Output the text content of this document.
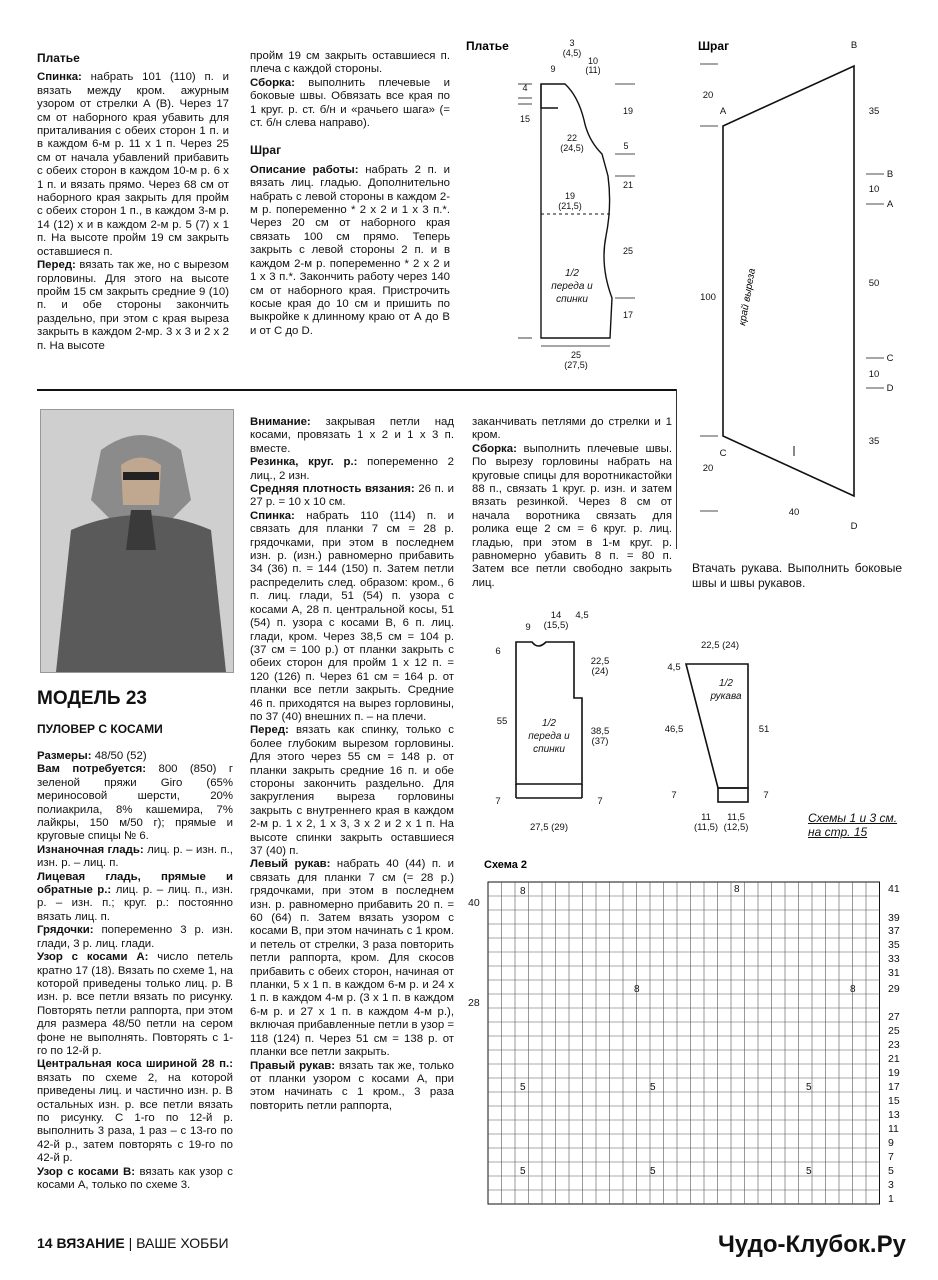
Платье

Спинка: набрать 101 (110) п. и вязать между кром. ажурным узором от стрелки А (В). Через 17 см от наборного края убавить для приталивания с обеих сторон 1 п. и в каждом 6-м р. 11 х 1 п. Через 25 см от начала убавлений прибавить с обеих сторон в каждом 10-м р. 6 х 1 п. и вязать прямо. Через 68 см от наборного края закрыть для пройм с обеих сторон 1 п., в каждом 3-м р. 14 (12) х и в каждом 2-м р. 5 (7) х 1 п. На высоте пройм 19 см закрыть оставшиеся п.

Перед: вязать так же, но с вырезом горловины. Для этого на высоте пройм 15 см закрыть средние 9 (10) п. и обе стороны закончить раздельно, при этом с края выреза закрыть в каждом 2-мр. 3 х 3 и 2 х 2 п. На высоте

пройм 19 см закрыть оставшиеся п. плеча с каждой стороны.

Сборка: выполнить плечевые и боковые швы. Обвязать все края по 1 круг. р. ст. б/н и «рачьего шага» (= ст. б/н слева направо).

Шраг

Описание работы: набрать 2 п. и вязать лиц. гладью. Дополнительно набрать с левой стороны в каждом 2-м р. попеременно * 2 х 2 и 1 х 3 п.*. Через 20 см от наборного края связать 100 см прямо. Теперь закрыть с левой стороны 2 п. и в каждом 2-м р. попеременно * 2 х 2 и 1 х 3 п.*. Закончить работу через 140 см от наборного края. Пристрочить косые края до 10 см и пришить по выкройке к длинному краю от А до В и от С до D.

Платье	3
(4,5)
9
10
(11)
4
15
19
5
21
22
(24,5)
19
(21,5)
25
17
25
(27,5)
1/2
переда и
спинки
Шраг
20
35
10
100
50
10
35
20
40
A
B
B
A
C
D
C
D
край выреза
МОДЕЛЬ 23
ПУЛОВЕР С КОСАМИ

Размеры: 48/50 (52)

Вам потребуется: 800 (850) г зеленой пряжи Giro (65% мериносовой шерсти, 20% полиакрила, 8% кашемира, 7% лайкры, 150 м/50 г); прямые и круговые спицы № 6.

Изнаночная гладь: лиц. р. – изн. п., изн. р. – лиц. п.

Лицевая гладь, прямые и обратные р.: лиц. р. – лиц. п., изн. р. – изн. п.; круг. р.: постоянно вязать лиц. п.

Грядочки: попеременно 3 р. изн. глади, 3 р. лиц. глади.

Узор с косами А: число петель кратно 17 (18). Вязать по схеме 1, на которой приведены только лиц. р. В изн. р. все петли вязать по рисунку. Повторять петли раппорта, при этом для размера 48/50 петли на сером фоне не выполнять. Повторять с 1-го по 12-й р.

Центральная коса шириной 28 п.: вязать по схеме 2, на которой приведены лиц. и частично изн. р. В остальных изн. р. все петли вязать по рисунку. С 1-го по 12-й р. выполнить 3 раза, 1 раз – с 13-го по 42-й р., затем повторять с 19-го по 42-й р.

Узор с косами В: вязать как узор с косами А, только по схеме 3.

Внимание: закрывая петли над косами, провязать 1 х 2 и 1 х 3 п. вместе.

Резинка, круг. р.: попеременно 2 лиц., 2 изн.

Средняя плотность вязания: 26 п. и 27 р. = 10 х 10 см.

Спинка: набрать 110 (114) п. и связать для планки 7 см = 28 р. грядочками, при этом в последнем изн. р. (изн.) равномерно прибавить 34 (36) п. = 144 (150) п. Затем петли распределить след. образом: кром., 6 п. лиц. глади, 51 (54) п. узора с косами А, 28 п. центральной косы, 51 (54) п. узора с косами В, 6 п. лиц. глади, кром. Через 38,5 см = 104 р. (37 см = 100 р.) от планки закрыть с обеих сторон для пройм 1 х 12 п. = 120 (126) п. Через 61 см = 164 р. от планки все петли закрыть. Средние 46 п. приходятся на вырез горловины, по 37 (40) внешних п. – на плечи.

Перед: вязать как спинку, только с более глубоким вырезом горловины. Для этого через 55 см = 148 р. от планки закрыть средние 16 п. и обе стороны закончить раздельно. Для закругления выреза горловины закрыть с внутреннего края в каждом 2-м р. 1 х 2, 1 х 3, 3 х 2 и 2 х 1 п. На высоте спинки закрыть оставшиеся 37 (40) п.

Левый рукав: набрать 40 (44) п. и связать для планки 7 см (= 28 р.) грядочками, при этом в последнем изн. р. равномерно прибавить 20 п. = 60 (64) п. Затем вязать узором с косами В, при этом начинать с 1 кром. и петель от стрелки, 3 раза повторить петли раппорта, кром. Для скосов прибавить с обеих сторон, начиная от планки, 5 х 1 п. в каждом 6-м р. и 24 х 1 п. в каждом 4-м р. (3 х 1 п. в каждом 6-м р. и 27 х 1 п. в каждом 4-м р.), включая прибавленные петли в узор = 118 (124) п. Через 51 см = 138 р. от планки все петли закрыть.

Правый рукав: вязать так же, только от планки узором с косами А, при этом начинать с 1 кром., 3 раза повторить петли раппорта,

заканчивать петлями до стрелки и 1 кром.

Сборка: выполнить плечевые швы. По вырезу горловины набрать на круговые спицы для воротникастойки 88 п., связать 1 круг. р. изн. и затем вязать резинкой. Через 8 см от начала воротника связать для ролика еще 2 см = 6 круг. р. лиц. гладью, при этом в 1-м круг. р. равномерно убавить 8 п. = 80 п. Затем все петли свободно закрыть лиц.

Втачать рукава. Выполнить боковые швы и швы рукавов.

14
(15,5)
4,5
9
6
22,5
(24)
55
38,5
(37)
7	7
27,5 (29)
1/2
переда и
спинки
22,5 (24)
4,5
46,5	51
7	7
11
(11,5)
11,5
(12,5)
1/2
рукава
Схемы 1 и 3 см. на стр. 15
Схема 2
41
39
37
35
33
31
29
27
25
23
21
19
17
15
13
11
9
7
5
3
1
40
28
8	8
8	8
5	5	5
5	5	5
14 ВЯЗАНИЕ | ВАШЕ ХОББИ	Чудо-Клубок.Ру
